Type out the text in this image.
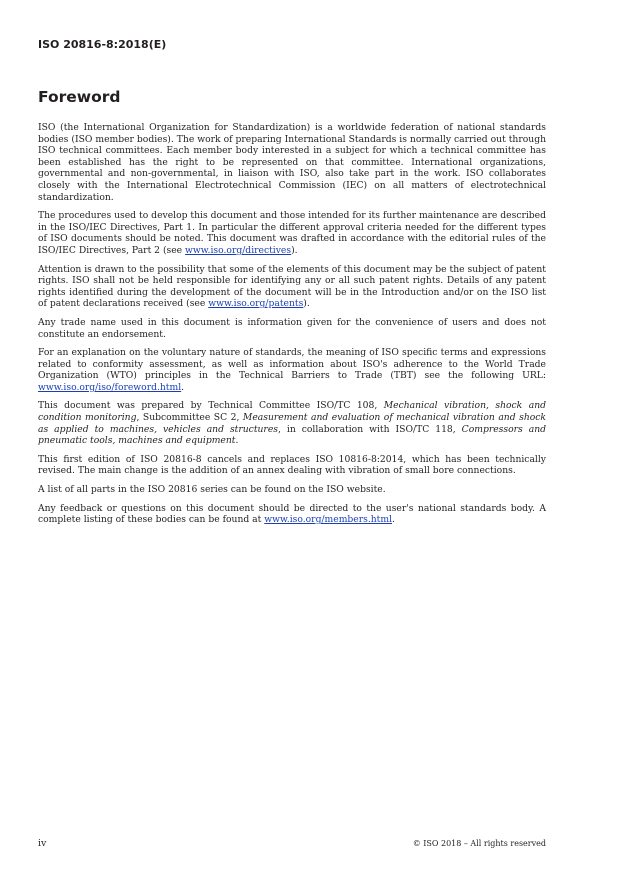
ISO 20816-8:2018(E)
Foreword

ISO (the International Organization for Standardization) is a worldwide federation of national standards bodies (ISO member bodies). The work of preparing International Standards is normally carried out through ISO technical committees. Each member body interested in a subject for which a technical committee has been established has the right to be represented on that committee. International organizations, governmental and non-governmental, in liaison with ISO, also take part in the work. ISO collaborates closely with the International Electrotechnical Commission (IEC) on all matters of electrotechnical standardization.

The procedures used to develop this document and those intended for its further maintenance are described in the ISO/IEC Directives, Part 1. In particular the different approval criteria needed for the different types of ISO documents should be noted. This document was drafted in accordance with the editorial rules of the ISO/IEC Directives, Part 2 (see www.iso.org/directives).

Attention is drawn to the possibility that some of the elements of this document may be the subject of patent rights. ISO shall not be held responsible for identifying any or all such patent rights. Details of any patent rights identified during the development of the document will be in the Introduction and/or on the ISO list of patent declarations received (see www.iso.org/patents).

Any trade name used in this document is information given for the convenience of users and does not constitute an endorsement.

For an explanation on the voluntary nature of standards, the meaning of ISO specific terms and expressions related to conformity assessment, as well as information about ISO's adherence to the World Trade Organization (WTO) principles in the Technical Barriers to Trade (TBT) see the following URL: www.iso.org/iso/foreword.html.

This document was prepared by Technical Committee ISO/TC 108, Mechanical vibration, shock and condition monitoring, Subcommittee SC 2, Measurement and evaluation of mechanical vibration and shock as applied to machines, vehicles and structures, in collaboration with ISO/TC 118, Compressors and pneumatic tools, machines and equipment.

This first edition of ISO 20816-8 cancels and replaces ISO 10816-8:2014, which has been technically revised. The main change is the addition of an annex dealing with vibration of small bore connections.

A list of all parts in the ISO 20816 series can be found on the ISO website.

Any feedback or questions on this document should be directed to the user's national standards body. A complete listing of these bodies can be found at www.iso.org/members.html.

iv	© ISO 2018 – All rights reserved
